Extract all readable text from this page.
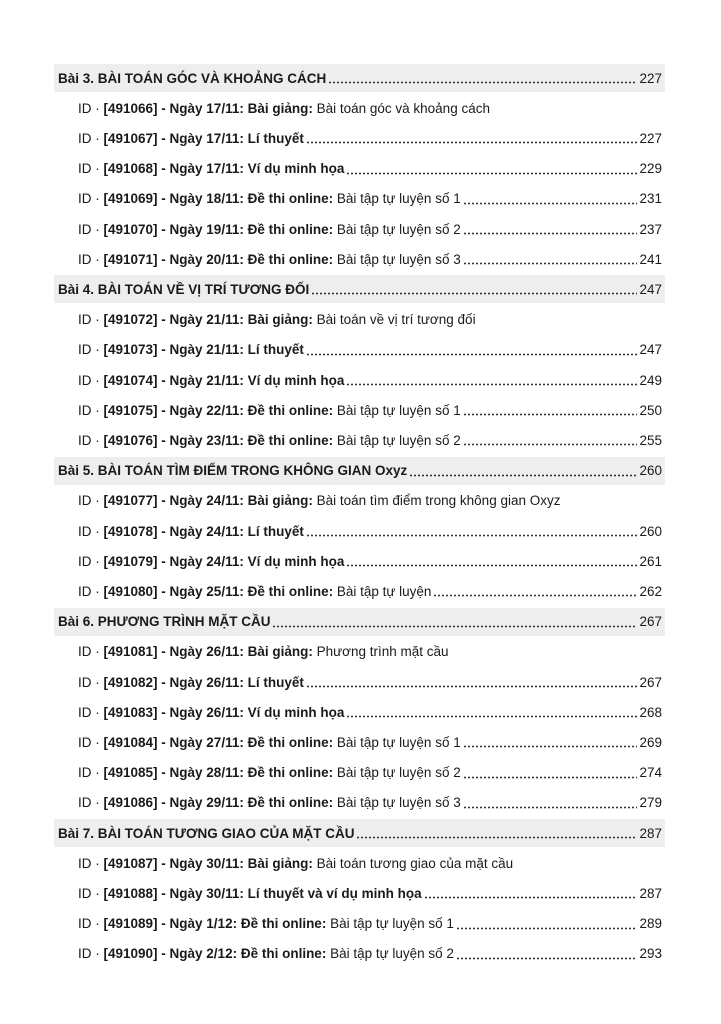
Bài 3. BÀI TOÁN GÓC VÀ KHOẢNG CÁCH	227
ID · [491066] - Ngày 17/11: Bài giảng: Bài toán góc và khoảng cách
ID · [491067] - Ngày 17/11: Lí thuyết	227
ID · [491068] - Ngày 17/11: Ví dụ minh họa	229
ID · [491069] - Ngày 18/11: Đề thi online: Bài tập tự luyện số 1	231
ID · [491070] - Ngày 19/11: Đề thi online: Bài tập tự luyện số 2	237
ID · [491071] - Ngày 20/11: Đề thi online: Bài tập tự luyện số 3	241
Bài 4. BÀI TOÁN VỀ VỊ TRÍ TƯƠNG ĐỐI	247
ID · [491072] - Ngày 21/11: Bài giảng: Bài toán về vị trí tương đối
ID · [491073] - Ngày 21/11: Lí thuyết	247
ID · [491074] - Ngày 21/11: Ví dụ minh họa	249
ID · [491075] - Ngày 22/11: Đề thi online: Bài tập tự luyện số 1	250
ID · [491076] - Ngày 23/11: Đề thi online: Bài tập tự luyện số 2	255
Bài 5. BÀI TOÁN TÌM ĐIỂM TRONG KHÔNG GIAN Oxyz	260
ID · [491077] - Ngày 24/11: Bài giảng: Bài toán tìm điểm trong không gian Oxyz
ID · [491078] - Ngày 24/11: Lí thuyết	260
ID · [491079] - Ngày 24/11: Ví dụ minh họa	261
ID · [491080] - Ngày 25/11: Đề thi online: Bài tập tự luyện	262
Bài 6. PHƯƠNG TRÌNH MẶT CẦU	267
ID · [491081] - Ngày 26/11: Bài giảng: Phương trình mặt cầu
ID · [491082] - Ngày 26/11: Lí thuyết	267
ID · [491083] - Ngày 26/11: Ví dụ minh họa	268
ID · [491084] - Ngày 27/11: Đề thi online: Bài tập tự luyện số 1	269
ID · [491085] - Ngày 28/11: Đề thi online: Bài tập tự luyện số 2	274
ID · [491086] - Ngày 29/11: Đề thi online: Bài tập tự luyện số 3	279
Bài 7. BÀI TOÁN TƯƠNG GIAO CỦA MẶT CẦU	287
ID · [491087] - Ngày 30/11: Bài giảng: Bài toán tương giao của mặt cầu
ID · [491088] - Ngày 30/11: Lí thuyết và ví dụ minh họa	287
ID · [491089] - Ngày 1/12: Đề thi online: Bài tập tự luyện số 1	289
ID · [491090] - Ngày 2/12: Đề thi online: Bài tập tự luyện số 2	293
